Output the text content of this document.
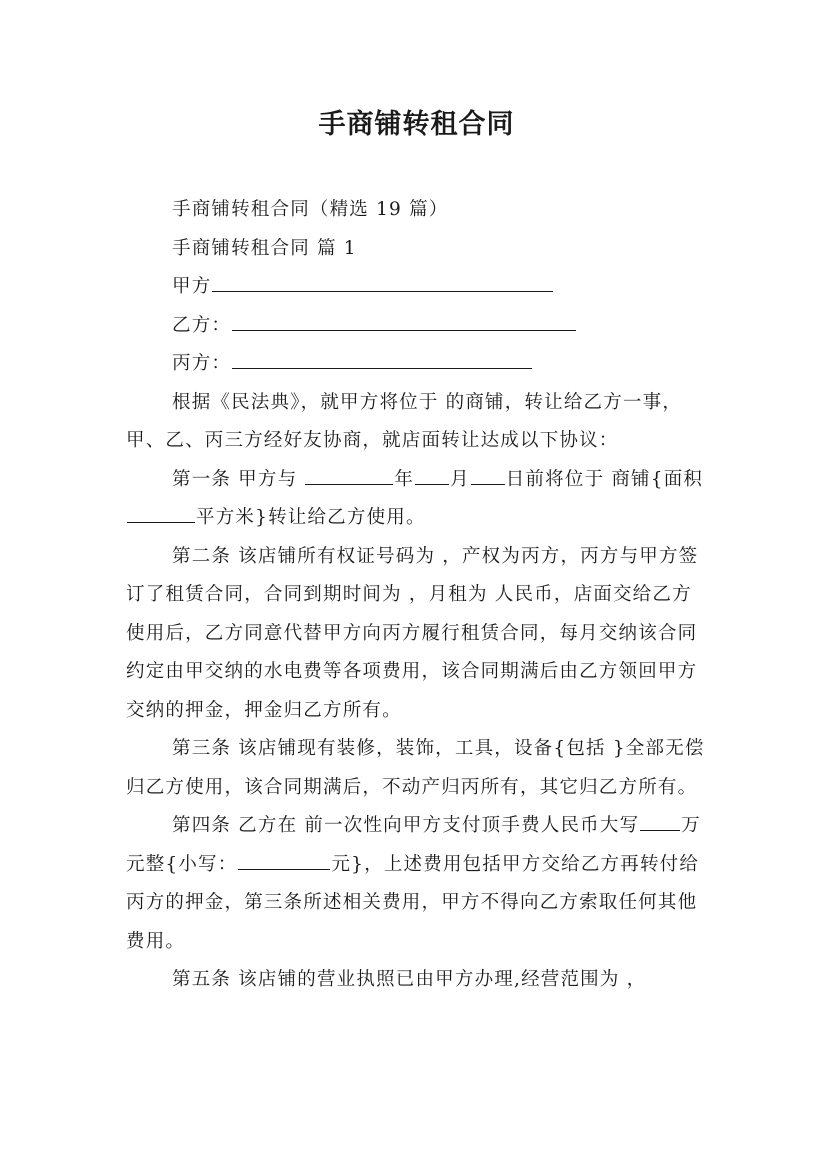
手商铺转租合同

手商铺转租合同（精选 19 篇）

手商铺转租合同 篇 1

甲方

乙方：

丙方：

根据《民法典》，就甲方将位于 的商铺，转让给乙方一事，甲、乙、丙三方经好友协商，就店面转让达成以下协议：

第一条 甲方与	年 月 日前将位于 商铺{面积平方米}转让给乙方使用。

第二条 该店铺所有权证号码为 ，产权为丙方，丙方与甲方签订了租赁合同，合同到期时间为 ，月租为 人民币，店面交给乙方使用后，乙方同意代替甲方向丙方履行租赁合同，每月交纳该合同约定由甲交纳的水电费等各项费用，该合同期满后由乙方领回甲方交纳的押金，押金归乙方所有。

第三条 该店铺现有装修，装饰，工具，设备{包括 }全部无偿归乙方使用，该合同期满后，不动产归丙所有，其它归乙方所有。

第四条 乙方在 前一次性向甲方支付顶手费人民币大写 万元整{小写：	元}，上述费用包括甲方交给乙方再转付给丙方的押金，第三条所述相关费用，甲方不得向乙方索取任何其他费用。

第五条 该店铺的营业执照已由甲方办理,经营范围为 ，
